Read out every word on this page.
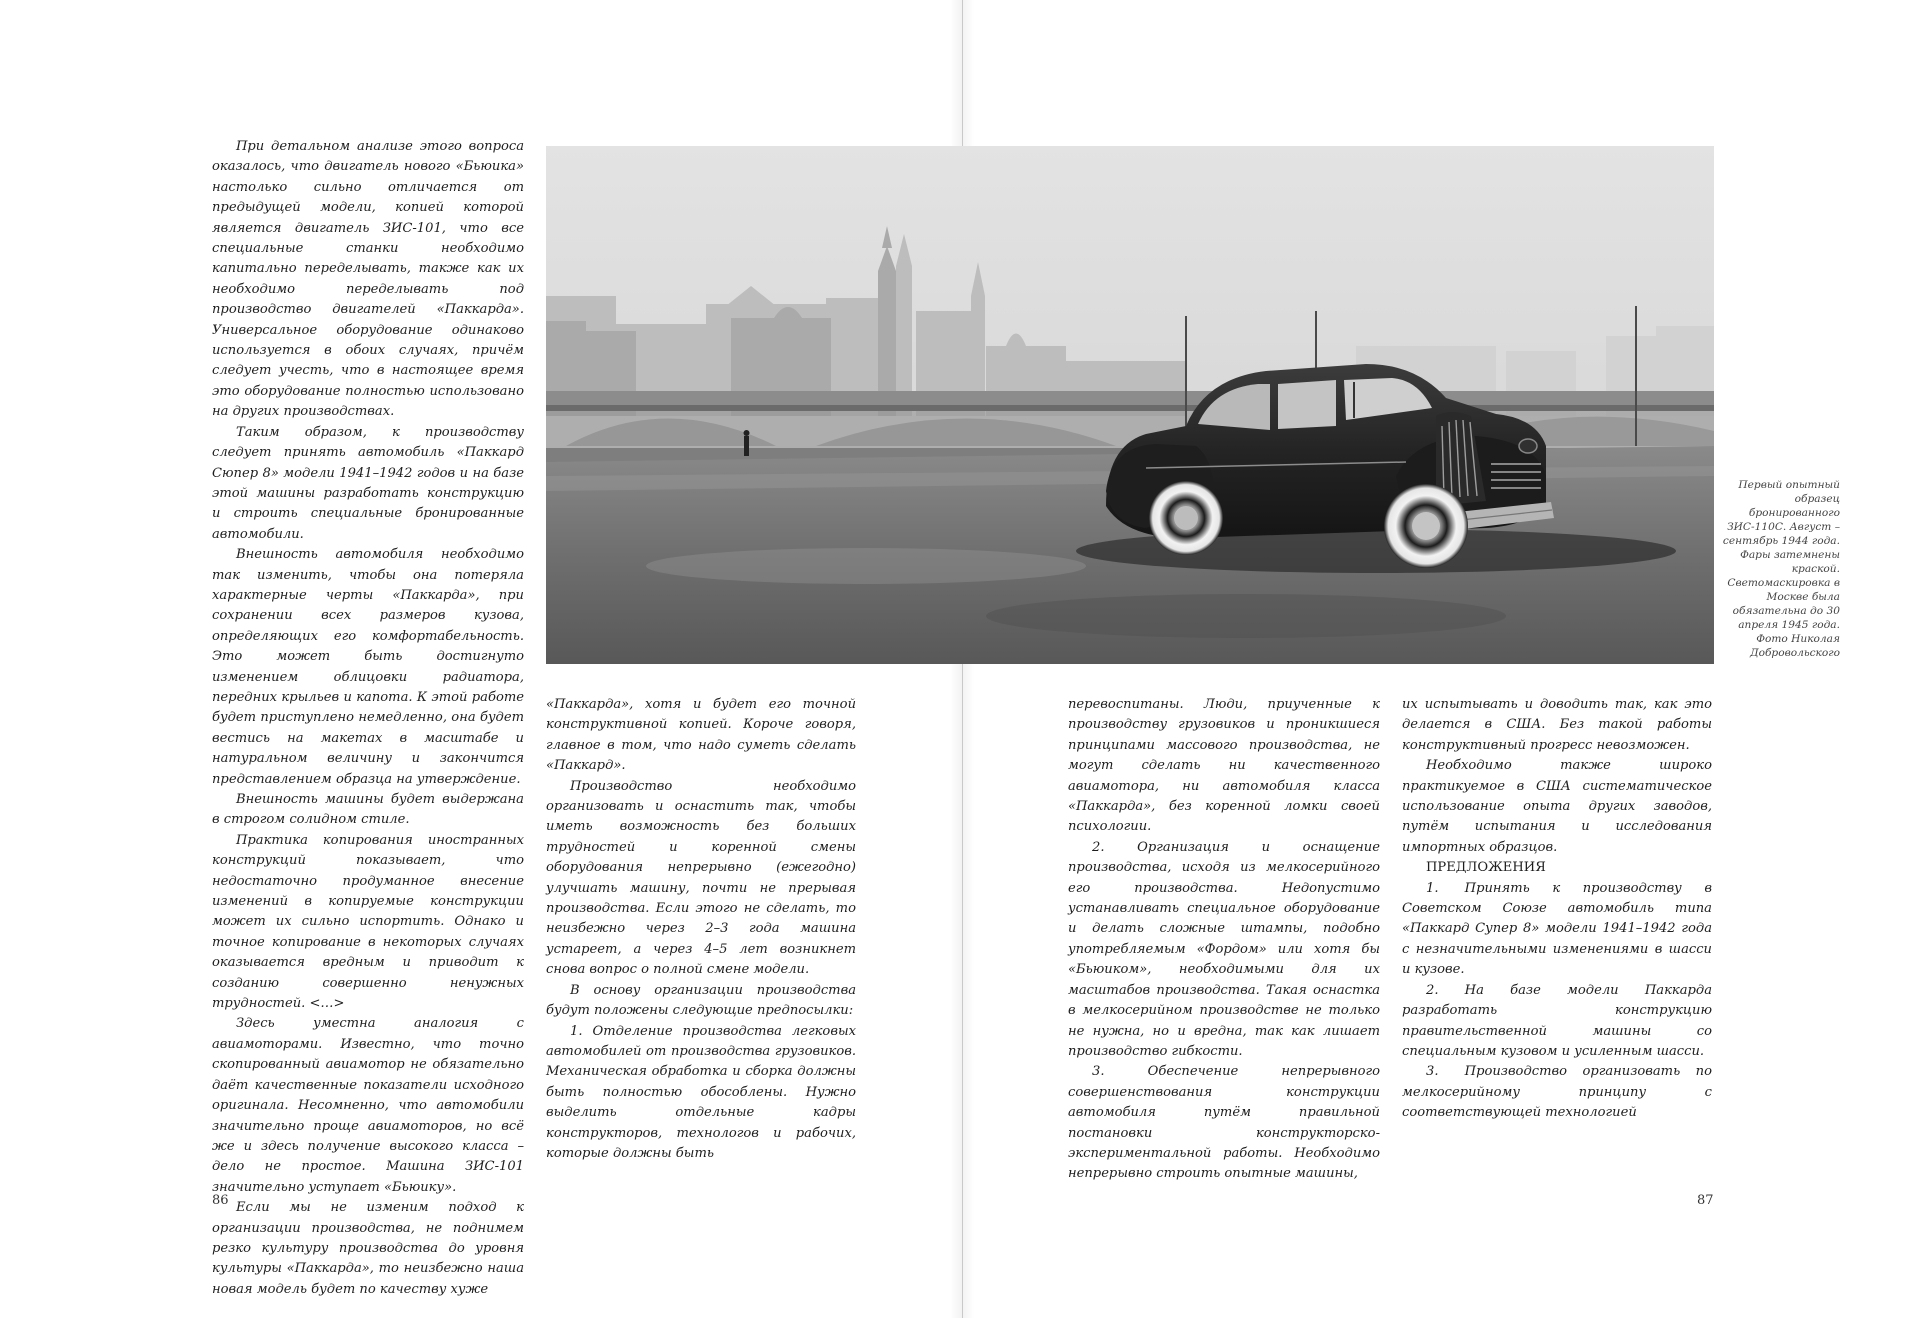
При детальном анализе этого вопроса оказалось, что двигатель нового «Бьюика» настолько сильно отличается от предыдущей модели, копией которой является двигатель ЗИС-101, что все специальные станки необходимо капитально переделывать, также как их необходимо переделывать под производство двигателей «Паккарда». Универсальное оборудование одинаково используется в обоих случаях, причём следует учесть, что в настоящее время это оборудование полностью использовано на других производствах.

Таким образом, к производству следует принять автомобиль «Паккард Сюпер 8» модели 1941–1942 годов и на базе этой машины разработать конструкцию и строить специальные бронированные автомобили.

Внешность автомобиля необходимо так изменить, чтобы она потеряла характерные черты «Паккарда», при сохранении всех размеров кузова, определяющих его комфортабельность. Это может быть достигнуто изменением облицовки радиатора, передних крыльев и капота. К этой работе будет приступлено немедленно, она будет вестись на макетах в масштабе и натуральном величину и закончится представлением образца на утверждение.

Внешность машины будет выдержана в строгом солидном стиле.

Практика копирования иностранных конструкций показывает, что недостаточно продуманное внесение изменений в копируемые конструкции может их сильно испортить. Однако и точное копирование в некоторых случаях оказывается вредным и приводит к созданию совершенно ненужных трудностей. <…>

Здесь уместна аналогия с авиамоторами. Известно, что точно скопированный авиамотор не обязательно даёт качественные показатели исходного оригинала. Несомненно, что автомобили значительно проще авиамоторов, но всё же и здесь получение высокого класса – дело не простое. Машина ЗИС-101 значительно уступает «Бьюику».

Если мы не изменим подход к организации производства, не поднимем резко культуру производства до уровня культуры «Паккарда», то неизбежно наша новая модель будет по качеству хуже

Первый опытный образец бронированного ЗИС-110С. Август – сентябрь 1944 года. Фары затемнены краской. Светомаскировка в Москве была обязательна до 30 апреля 1945 года. Фото Николая Добровольского

«Паккарда», хотя и будет его точной конструктивной копией. Короче говоря, главное в том, что надо суметь сделать «Паккард».

Производство необходимо организовать и оснастить так, чтобы иметь возможность без больших трудностей и коренной смены оборудования непрерывно (ежегодно) улучшать машину, почти не прерывая производства. Если этого не сделать, то неизбежно через 2–3 года машина устареет, а через 4–5 лет возникнет снова вопрос о полной смене модели.

В основу организации производства будут положены следующие предпосылки:

1. Отделение производства легковых автомобилей от производства грузовиков. Механическая обработка и сборка должны быть полностью обособлены. Нужно выделить отдельные кадры конструкторов, технологов и рабочих, которые должны быть

перевоспитаны. Люди, приученные к производству грузовиков и проникшиеся принципами массового производства, не могут сделать ни качественного авиамотора, ни автомобиля класса «Паккарда», без коренной ломки своей психологии.

2. Организация и оснащение производства, исходя из мелкосерийного его производства. Недопустимо устанавливать специальное оборудование и делать сложные штампы, подобно употребляемым «Фордом» или хотя бы «Бьюиком», необходимыми для их масштабов производства. Такая оснастка в мелкосерийном производстве не только не нужна, но и вредна, так как лишает производство гибкости.

3. Обеспечение непрерывного совершенствования конструкции автомобиля путём правильной постановки конструкторско-экспериментальной работы. Необходимо непрерывно строить опытные машины,

их испытывать и доводить так, как это делается в США. Без такой работы конструктивный прогресс невозможен.

Необходимо также широко практикуемое в США систематическое использование опыта других заводов, путём испытания и исследования импортных образцов.

ПРЕДЛОЖЕНИЯ

1.  Принять к производству в Советском Союзе автомобиль типа «Паккард Супер 8» модели 1941–1942 года с незначительными изменениями в шасси и кузове.

2.  На базе модели Паккарда разработать конструкцию правительственной машины со специальным кузовом и усиленным шасси.

3.  Производство организовать по мелкосерийному принципу с соответствующей технологией

86	87
